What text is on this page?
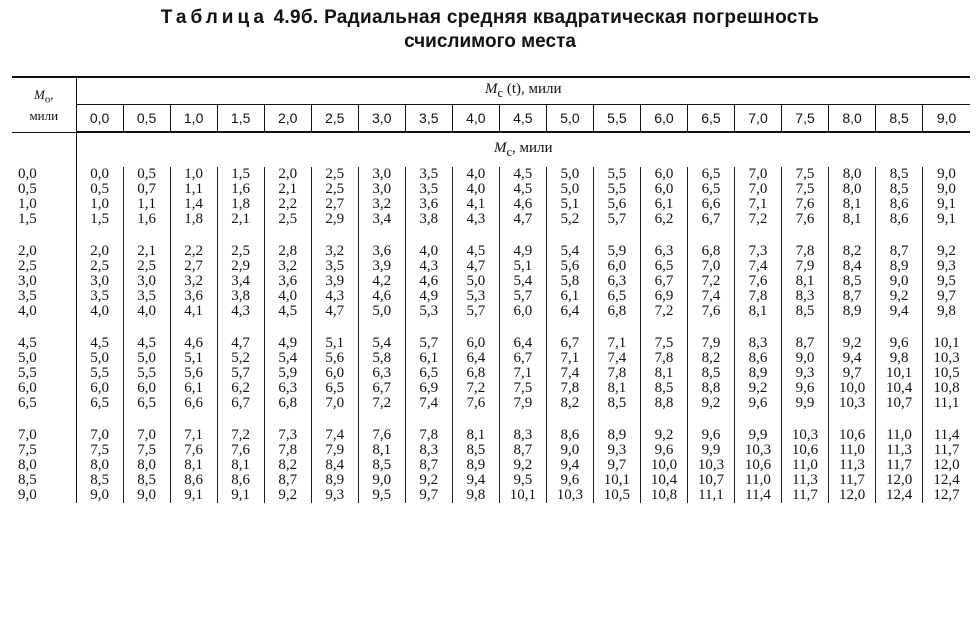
Таблица 4.9б. Радиальная средняя квадратическая погрешность
счислимого места
$M_o$,
мили	$M_c$ (t), мили																		
	0,0	0,5	1,0	1,5	2,0	2,5	3,0	3,5	4,0	4,5	5,0	5,5	6,0	6,5	7,0	7,5	8,0	8,5	9,0
	$M_c$, мили																		
0,0	0,0	0,5	1,0	1,5	2,0	2,5	3,0	3,5	4,0	4,5	5,0	5,5	6,0	6,5	7,0	7,5	8,0	8,5	9,0
0,5	0,5	0,7	1,1	1,6	2,1	2,5	3,0	3,5	4,0	4,5	5,0	5,5	6,0	6,5	7,0	7,5	8,0	8,5	9,0
1,0	1,0	1,1	1,4	1,8	2,2	2,7	3,2	3,6	4,1	4,6	5,1	5,6	6,1	6,6	7,1	7,6	8,1	8,6	9,1
1,5	1,5	1,6	1,8	2,1	2,5	2,9	3,4	3,8	4,3	4,7	5,2	5,7	6,2	6,7	7,2	7,6	8,1	8,6	9,1

2,0	2,0	2,1	2,2	2,5	2,8	3,2	3,6	4,0	4,5	4,9	5,4	5,9	6,3	6,8	7,3	7,8	8,2	8,7	9,2
2,5	2,5	2,5	2,7	2,9	3,2	3,5	3,9	4,3	4,7	5,1	5,6	6,0	6,5	7,0	7,4	7,9	8,4	8,9	9,3
3,0	3,0	3,0	3,2	3,4	3,6	3,9	4,2	4,6	5,0	5,4	5,8	6,3	6,7	7,2	7,6	8,1	8,5	9,0	9,5
3,5	3,5	3,5	3,6	3,8	4,0	4,3	4,6	4,9	5,3	5,7	6,1	6,5	6,9	7,4	7,8	8,3	8,7	9,2	9,7
4,0	4,0	4,0	4,1	4,3	4,5	4,7	5,0	5,3	5,7	6,0	6,4	6,8	7,2	7,6	8,1	8,5	8,9	9,4	9,8

4,5	4,5	4,5	4,6	4,7	4,9	5,1	5,4	5,7	6,0	6,4	6,7	7,1	7,5	7,9	8,3	8,7	9,2	9,6	10,1
5,0	5,0	5,0	5,1	5,2	5,4	5,6	5,8	6,1	6,4	6,7	7,1	7,4	7,8	8,2	8,6	9,0	9,4	9,8	10,3
5,5	5,5	5,5	5,6	5,7	5,9	6,0	6,3	6,5	6,8	7,1	7,4	7,8	8,1	8,5	8,9	9,3	9,7	10,1	10,5
6,0	6,0	6,0	6,1	6,2	6,3	6,5	6,7	6,9	7,2	7,5	7,8	8,1	8,5	8,8	9,2	9,6	10,0	10,4	10,8
6,5	6,5	6,5	6,6	6,7	6,8	7,0	7,2	7,4	7,6	7,9	8,2	8,5	8,8	9,2	9,6	9,9	10,3	10,7	11,1

7,0	7,0	7,0	7,1	7,2	7,3	7,4	7,6	7,8	8,1	8,3	8,6	8,9	9,2	9,6	9,9	10,3	10,6	11,0	11,4
7,5	7,5	7,5	7,6	7,6	7,8	7,9	8,1	8,3	8,5	8,7	9,0	9,3	9,6	9,9	10,3	10,6	11,0	11,3	11,7
8,0	8,0	8,0	8,1	8,1	8,2	8,4	8,5	8,7	8,9	9,2	9,4	9,7	10,0	10,3	10,6	11,0	11,3	11,7	12,0
8,5	8,5	8,5	8,6	8,6	8,7	8,9	9,0	9,2	9,4	9,5	9,6	10,1	10,4	10,7	11,0	11,3	11,7	12,0	12,4
9,0	9,0	9,0	9,1	9,1	9,2	9,3	9,5	9,7	9,8	10,1	10,3	10,5	10,8	11,1	11,4	11,7	12,0	12,4	12,7
